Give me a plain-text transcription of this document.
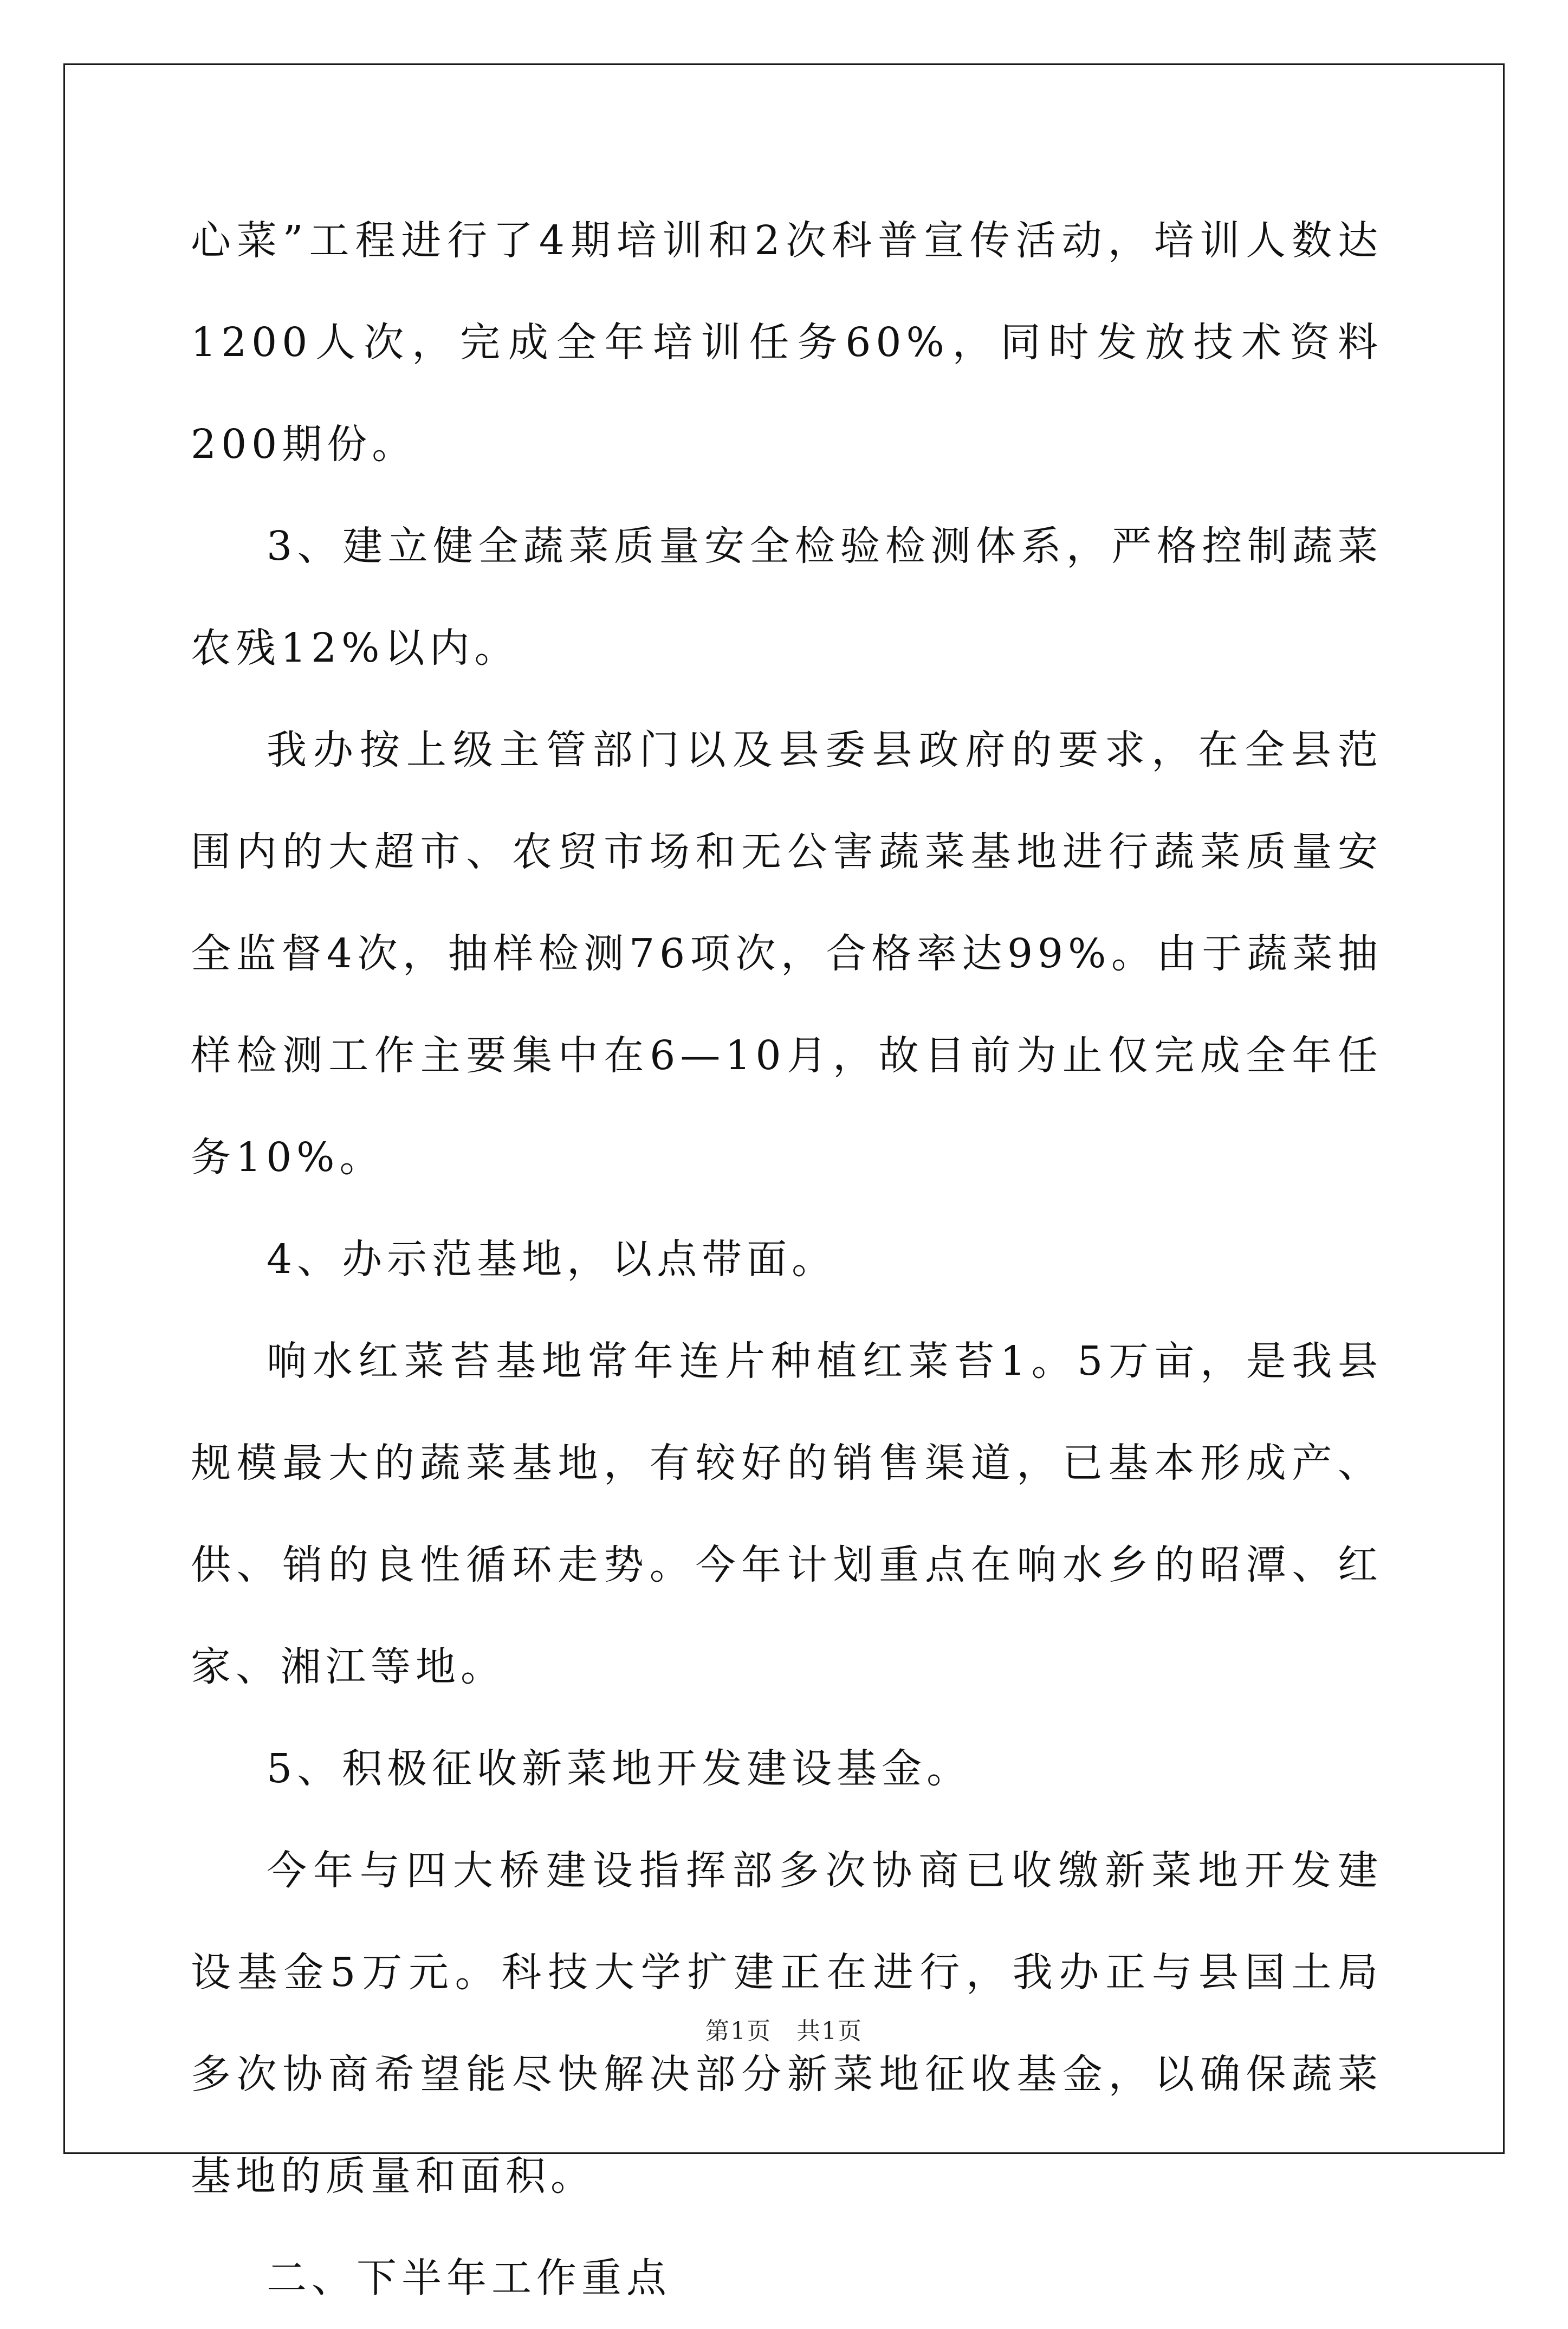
心菜”工程进行了4期培训和2次科普宣传活动，培训人数达1200人次，完成全年培训任务60%，同时发放技术资料200期份。

3、建立健全蔬菜质量安全检验检测体系，严格控制蔬菜农残12%以内。

我办按上级主管部门以及县委县政府的要求，在全县范围内的大超市、农贸市场和无公害蔬菜基地进行蔬菜质量安全监督4次，抽样检测76项次，合格率达99%。由于蔬菜抽样检测工作主要集中在6—10月，故目前为止仅完成全年任务10%。

4、办示范基地，以点带面。

响水红菜苔基地常年连片种植红菜苔1。5万亩，是我县规模最大的蔬菜基地，有较好的销售渠道，已基本形成产、供、销的良性循环走势。今年计划重点在响水乡的昭潭、红家、湘江等地。

5、积极征收新菜地开发建设基金。

今年与四大桥建设指挥部多次协商已收缴新菜地开发建设基金5万元。科技大学扩建正在进行，我办正与县国土局多次协商希望能尽快解决部分新菜地征收基金，以确保蔬菜基地的质量和面积。

二、下半年工作重点

第1页　共1页
